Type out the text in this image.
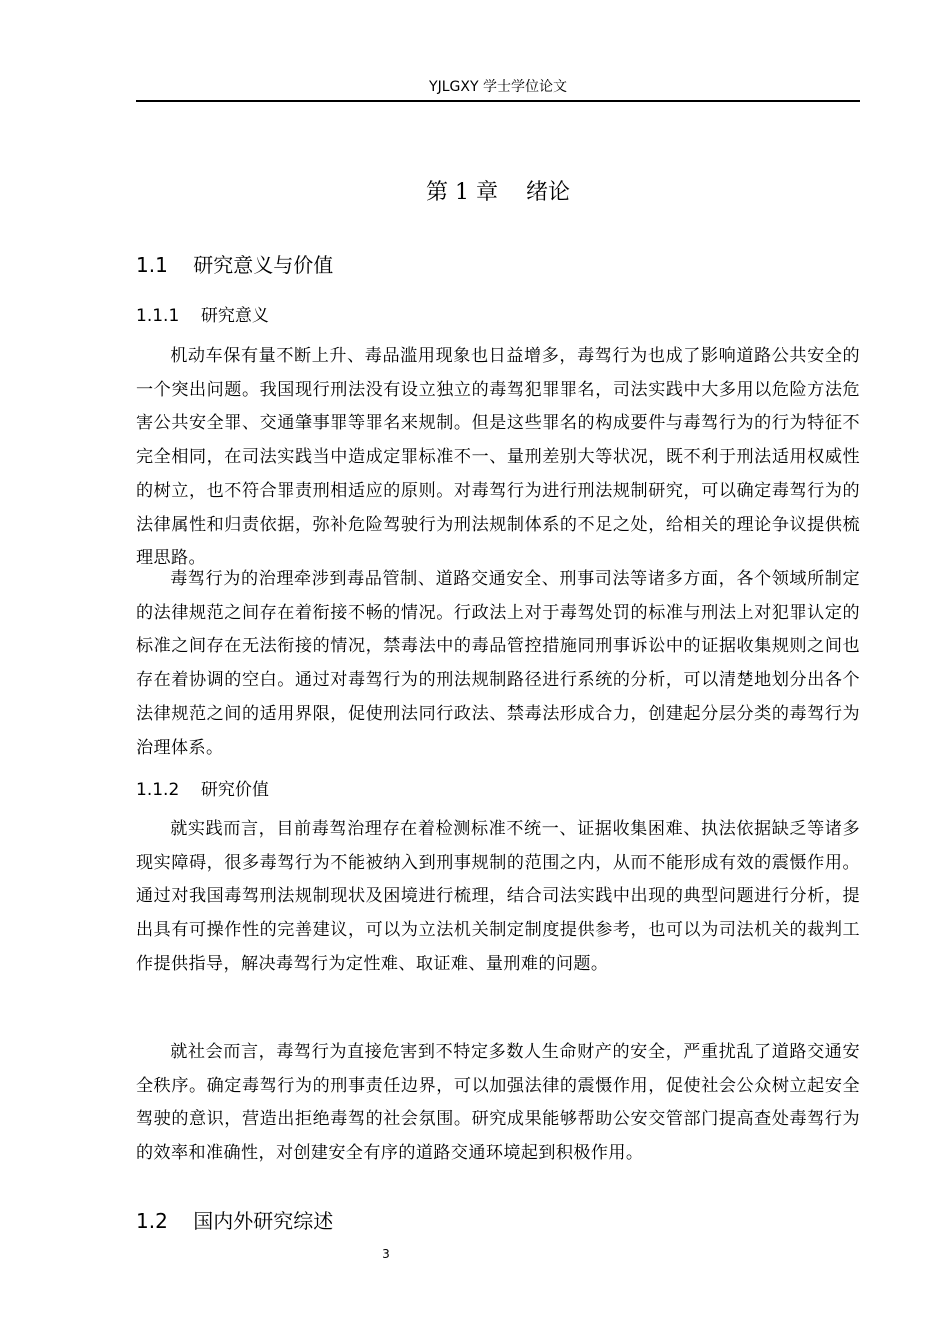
YJLGXY 学士学位论文
第 1 章    绪论
1.1    研究意义与价值
1.1.1    研究意义

机动车保有量不断上升、毒品滥用现象也日益增多，毒驾行为也成了影响道路公共安全的一个突出问题。我国现行刑法没有设立独立的毒驾犯罪罪名，司法实践中大多用以危险方法危害公共安全罪、交通肇事罪等罪名来规制。但是这些罪名的构成要件与毒驾行为的行为特征不完全相同，在司法实践当中造成定罪标准不一、量刑差别大等状况，既不利于刑法适用权威性的树立，也不符合罪责刑相适应的原则。对毒驾行为进行刑法规制研究，可以确定毒驾行为的法律属性和归责依据，弥补危险驾驶行为刑法规制体系的不足之处，给相关的理论争议提供梳理思路。

毒驾行为的治理牵涉到毒品管制、道路交通安全、刑事司法等诸多方面，各个领域所制定的法律规范之间存在着衔接不畅的情况。行政法上对于毒驾处罚的标准与刑法上对犯罪认定的标准之间存在无法衔接的情况，禁毒法中的毒品管控措施同刑事诉讼中的证据收集规则之间也存在着协调的空白。通过对毒驾行为的刑法规制路径进行系统的分析，可以清楚地划分出各个法律规范之间的适用界限，促使刑法同行政法、禁毒法形成合力，创建起分层分类的毒驾行为治理体系。

1.1.2    研究价值

就实践而言，目前毒驾治理存在着检测标准不统一、证据收集困难、执法依据缺乏等诸多现实障碍，很多毒驾行为不能被纳入到刑事规制的范围之内，从而不能形成有效的震慑作用。通过对我国毒驾刑法规制现状及困境进行梳理，结合司法实践中出现的典型问题进行分析，提出具有可操作性的完善建议，可以为立法机关制定制度提供参考，也可以为司法机关的裁判工作提供指导，解决毒驾行为定性难、取证难、量刑难的问题。

就社会而言，毒驾行为直接危害到不特定多数人生命财产的安全，严重扰乱了道路交通安全秩序。确定毒驾行为的刑事责任边界，可以加强法律的震慑作用，促使社会公众树立起安全驾驶的意识，营造出拒绝毒驾的社会氛围。研究成果能够帮助公安交管部门提高查处毒驾行为的效率和准确性，对创建安全有序的道路交通环境起到积极作用。

1.2    国内外研究综述
3
